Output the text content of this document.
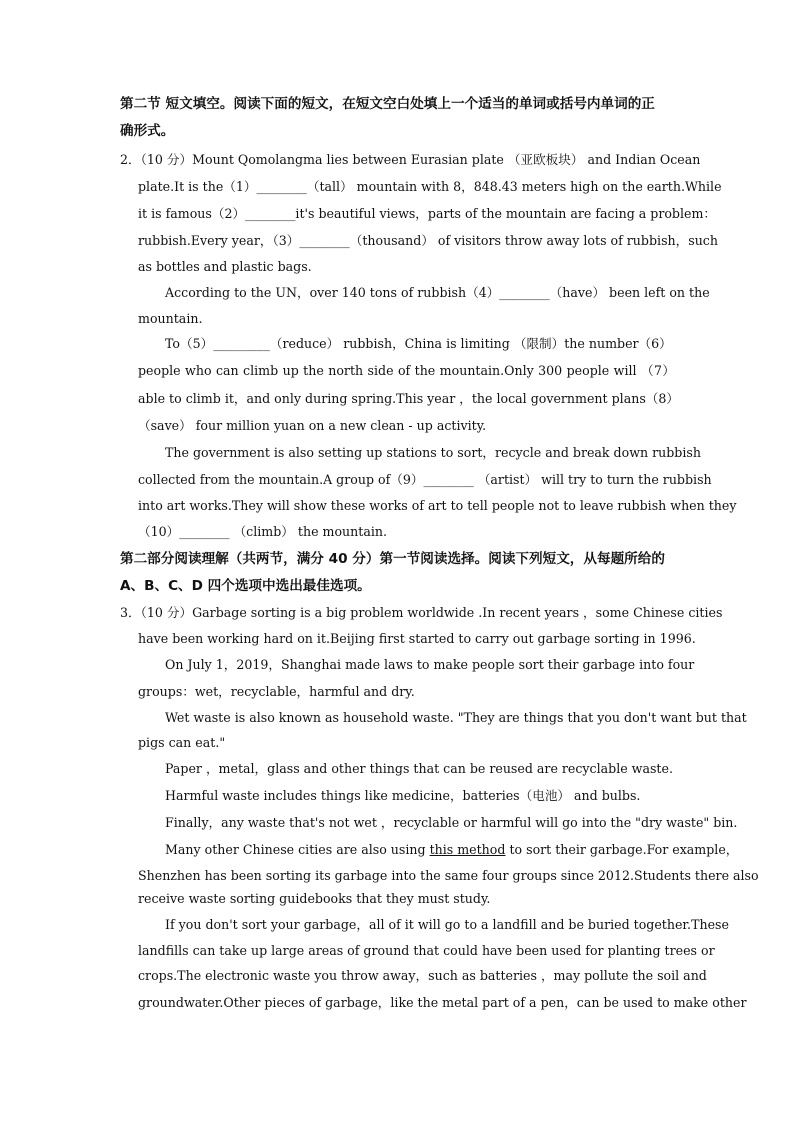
第二节 短文填空。阅读下面的短文，在短文空白处填上一个适当的单词或括号内单词的正
确形式。
2．（10 分）Mount Qomolangma lies between Eurasian plate （亚欧板块） and Indian Ocean
plate.It is the（1）________（tall） mountain with 8，848.43 meters high on the earth.While
it is famous（2）________it's beautiful views，parts of the mountain are facing a problem：
rubbish.Every year，（3）________（thousand） of visitors throw away lots of rubbish，such
as bottles and plastic bags.
According to the UN，over 140 tons of rubbish（4）________（have） been left on the
mountain.
To（5）_________（reduce） rubbish，China is limiting （限制）the number（6）
people who can climb up the north side of the mountain.Only 300 people will （7）
able to climb it，and only during spring.This year ，the local government plans（8）
（save） four million yuan on a new clean - up activity.
The government is also setting up stations to sort，recycle and break down rubbish
collected from the mountain.A group of（9）________ （artist） will try to turn the rubbish
into art works.They will show these works of art to tell people not to leave rubbish when they
（10）________ （climb） the mountain.
第二部分阅读理解（共两节，满分 40 分）第一节阅读选择。阅读下列短文，从每题所给的
A、B、C、D 四个选项中选出最佳选项。
3．（10 分）Garbage sorting is a big problem worldwide .In recent years ，some Chinese cities
have been working hard on it.Beijing first started to carry out garbage sorting in 1996.
On July 1，2019，Shanghai made laws to make people sort their garbage into four
groups：wet，recyclable，harmful and dry.
Wet waste is also known as household waste. "They are things that you don't want but that
pigs can eat."
Paper ，metal，glass and other things that can be reused are recyclable waste.
Harmful waste includes things like medicine，batteries（电池） and bulbs.
Finally，any waste that's not wet ，recyclable or harmful will go into the "dry waste" bin.
Many other Chinese cities are also using this method to sort their garbage.For example，
Shenzhen has been sorting its garbage into the same four groups since 2012.Students there also
receive waste sorting guidebooks that they must study.
If you don't sort your garbage，all of it will go to a landfill and be buried together.These
landfills can take up large areas of ground that could have been used for planting trees or
crops.The electronic waste you throw away，such as batteries ，may pollute the soil and
groundwater.Other pieces of garbage，like the metal part of a pen，can be used to make other
